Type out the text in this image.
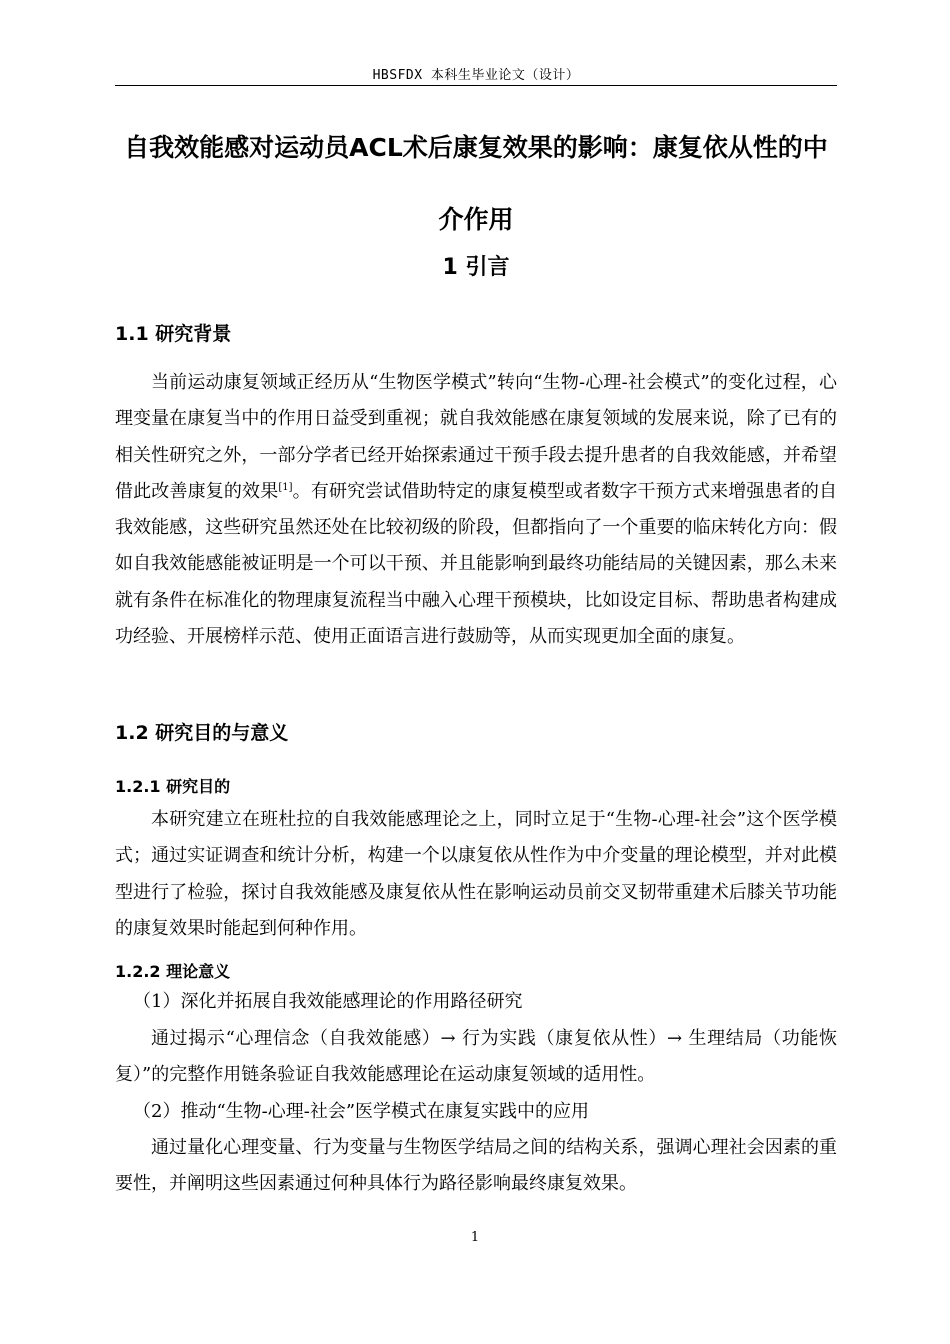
HBSFDX 本科生毕业论文（设计）
自我效能感对运动员ACL术后康复效果的影响：康复依从性的中
介作用
1 引言
1.1 研究背景

当前运动康复领域正经历从“生物医学模式”转向“生物-心理-社会模式”的变化过程，心理变量在康复当中的作用日益受到重视；就自我效能感在康复领域的发展来说，除了已有的相关性研究之外，一部分学者已经开始探索通过干预手段去提升患者的自我效能感，并希望借此改善康复的效果[1]。有研究尝试借助特定的康复模型或者数字干预方式来增强患者的自我效能感，这些研究虽然还处在比较初级的阶段，但都指向了一个重要的临床转化方向：假如自我效能感能被证明是一个可以干预、并且能影响到最终功能结局的关键因素，那么未来就有条件在标准化的物理康复流程当中融入心理干预模块，比如设定目标、帮助患者构建成功经验、开展榜样示范、使用正面语言进行鼓励等，从而实现更加全面的康复。

1.2 研究目的与意义
1.2.1 研究目的

本研究建立在班杜拉的自我效能感理论之上，同时立足于“生物-心理-社会”这个医学模式；通过实证调查和统计分析，构建一个以康复依从性作为中介变量的理论模型，并对此模型进行了检验，探讨自我效能感及康复依从性在影响运动员前交叉韧带重建术后膝关节功能的康复效果时能起到何种作用。

1.2.2 理论意义

（1）深化并拓展自我效能感理论的作用路径研究

通过揭示“心理信念（自我效能感）→ 行为实践（康复依从性）→ 生理结局（功能恢复）”的完整作用链条验证自我效能感理论在运动康复领域的适用性。

（2）推动“生物-心理-社会”医学模式在康复实践中的应用

通过量化心理变量、行为变量与生物医学结局之间的结构关系，强调心理社会因素的重要性，并阐明这些因素通过何种具体行为路径影响最终康复效果。

1
